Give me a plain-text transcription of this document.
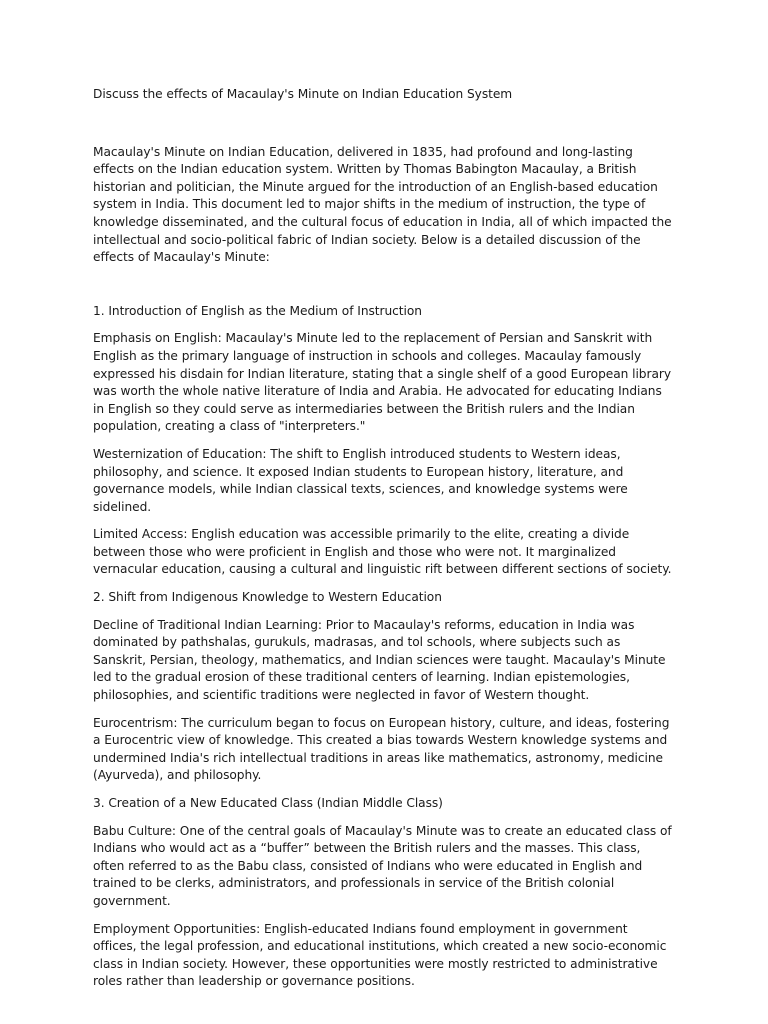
Discuss the effects of Macaulay's Minute on Indian Education System

Macaulay's Minute on Indian Education, delivered in 1835, had profound and long-lasting effects on the Indian education system. Written by Thomas Babington Macaulay, a British historian and politician, the Minute argued for the introduction of an English-based education system in India. This document led to major shifts in the medium of instruction, the type of knowledge disseminated, and the cultural focus of education in India, all of which impacted the intellectual and socio-political fabric of Indian society. Below is a detailed discussion of the effects of Macaulay's Minute:

1. Introduction of English as the Medium of Instruction

Emphasis on English: Macaulay's Minute led to the replacement of Persian and Sanskrit with English as the primary language of instruction in schools and colleges. Macaulay famously expressed his disdain for Indian literature, stating that a single shelf of a good European library was worth the whole native literature of India and Arabia. He advocated for educating Indians in English so they could serve as intermediaries between the British rulers and the Indian population, creating a class of "interpreters."

Westernization of Education: The shift to English introduced students to Western ideas, philosophy, and science. It exposed Indian students to European history, literature, and governance models, while Indian classical texts, sciences, and knowledge systems were sidelined.

Limited Access: English education was accessible primarily to the elite, creating a divide between those who were proficient in English and those who were not. It marginalized vernacular education, causing a cultural and linguistic rift between different sections of society.

2. Shift from Indigenous Knowledge to Western Education

Decline of Traditional Indian Learning: Prior to Macaulay's reforms, education in India was dominated by pathshalas, gurukuls, madrasas, and tol schools, where subjects such as Sanskrit, Persian, theology, mathematics, and Indian sciences were taught. Macaulay's Minute led to the gradual erosion of these traditional centers of learning. Indian epistemologies, philosophies, and scientific traditions were neglected in favor of Western thought.

Eurocentrism: The curriculum began to focus on European history, culture, and ideas, fostering a Eurocentric view of knowledge. This created a bias towards Western knowledge systems and undermined India's rich intellectual traditions in areas like mathematics, astronomy, medicine (Ayurveda), and philosophy.

3. Creation of a New Educated Class (Indian Middle Class)

Babu Culture: One of the central goals of Macaulay's Minute was to create an educated class of Indians who would act as a “buffer” between the British rulers and the masses. This class, often referred to as the Babu class, consisted of Indians who were educated in English and trained to be clerks, administrators, and professionals in service of the British colonial government.

Employment Opportunities: English-educated Indians found employment in government offices, the legal profession, and educational institutions, which created a new socio-economic class in Indian society. However, these opportunities were mostly restricted to administrative roles rather than leadership or governance positions.
